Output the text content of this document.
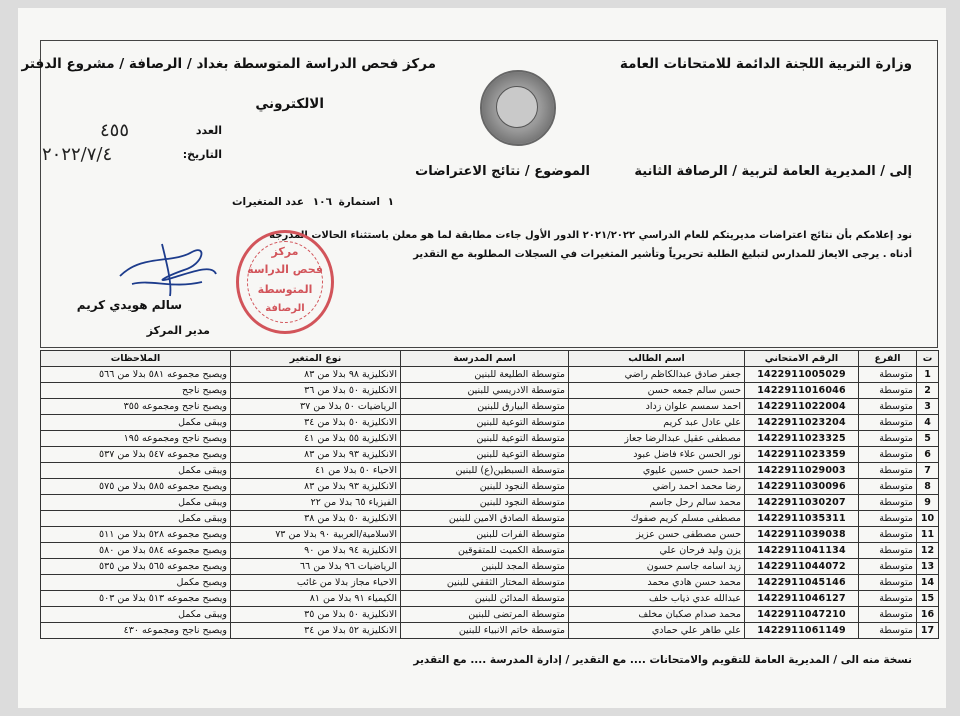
وزارة التربية اللجنة الدائمة للامتحانات العامة
مركز فحص الدراسة المتوسطة بغداد / الرصافة / مشروع الدفتر
الالكتروني
العدد
٤٥٥
التاريخ:
٢٠٢٢/٧/٤
إلى / المديرية العامة لتربية / الرصافة الثانية
الموضوع / نتائج الاعتراضات
عدد المتغيرات ١٠٦ استمارة ١
نود إعلامكم بأن نتائج اعتراضات مديريتكم للعام الدراسي ٢٠٢١/٢٠٢٢ الدور الأول جاءت مطابقة لما هو معلن باستثناء الحالات المدرجة
أدناه . يرجى الايعاز للمدارس لتبليغ الطلبة تحريرياً وتأشير المتغيرات في السجلات المطلوبة مع التقدير
سالم هويدي كريم
مدير المركز
مركز
فحص الدراسة
المتوسطة
الرصافة
ت	الفرع	الرقم الامتحاني	اسم الطالب	اسم المدرسة	نوع المتغير	الملاحظات
1	متوسطة	1422911005029	جعفر صادق عبدالكاظم راضي	متوسطة الطليعة للبنين	الانكليزية ٩٨ بدلا من ٨٣	ويصبح مجموعه ٥٨١ بدلا من ٥٦٦
2	متوسطة	1422911016046	حسن سالم جمعه حسن	متوسطة الادريسي للبنين	الانكليزية ٥٠ بدلا من ٣٦	ويصبح ناجح
3	متوسطة	1422911022004	احمد سمسم علوان زداد	متوسطة البيارق للبنين	الرياضيات ٥٠ بدلا من ٣٧	ويصبح ناجح ومجموعه ٣٥٥
4	متوسطة	1422911023204	علي عادل عبد كريم	متوسطة التوعية للبنين	الانكليزية ٥٠ بدلا من ٣٤	ويبقى مكمل
5	متوسطة	1422911023325	مصطفى عقيل عبدالرضا جعاز	متوسطة التوعية للبنين	الانكليزية ٥٥ بدلا من ٤١	ويصبح ناجح ومجموعه ١٩٥
6	متوسطة	1422911023359	نور الحسن علاء فاضل عبود	متوسطة التوعية للبنين	الانكليزية ٩٣ بدلا من ٨٣	ويصبح مجموعه ٥٤٧ بدلا من ٥٣٧
7	متوسطة	1422911029003	احمد حسن حسين عليوي	متوسطة السبطين(ع) للبنين	الاحياء ٥٠ بدلا من ٤١	ويبقى مكمل
8	متوسطة	1422911030096	رضا محمد احمد راضي	متوسطة النجود للبنين	الانكليزية ٩٣ بدلا من ٨٣	ويصبح مجموعه ٥٨٥ بدلا من ٥٧٥
9	متوسطة	1422911030207	محمد سالم رحل جاسم	متوسطة النجود للبنين	الفيزياء ٦٥ بدلا من ٢٢	ويبقى مكمل
10	متوسطة	1422911035311	مصطفى مسلم كريم صفوك	متوسطة الصادق الامين للبنين	الانكليزية ٥٠ بدلا من ٣٨	ويبقى مكمل
11	متوسطة	1422911039038	حسن مصطفى حسن عزيز	متوسطة الفرات للبنين	الاسلامية/العربية ٩٠ بدلا من ٧٣	ويصبح مجموعه ٥٢٨ بدلا من ٥١١
12	متوسطة	1422911041134	يزن وليد فرحان علي	متوسطة الكميت للمتفوقين	الانكليزية ٩٤ بدلا من ٩٠	ويصبح مجموعه ٥٨٤ بدلا من ٥٨٠
13	متوسطة	1422911044072	زيد اسامه جاسم حسون	متوسطة المجد للبنين	الرياضيات ٩٦ بدلا من ٦٦	ويصبح مجموعه ٥٦٥ بدلا من ٥٣٥
14	متوسطة	1422911045146	محمد حسن هادي محمد	متوسطة المختار الثقفي للبنين	الاحياء مجاز بدلا من غائب	ويصبح مكمل
15	متوسطة	1422911046127	عبدالله عدي ذياب خلف	متوسطة المدائن للبنين	الكيمياء ٩١ بدلا من ٨١	ويصبح مجموعه ٥١٣ بدلا من ٥٠٣
16	متوسطة	1422911047210	محمد صدام صكبان مخلف	متوسطة المرتضى للبنين	الانكليزية ٥٠ بدلا من ٣٥	ويبقى مكمل
17	متوسطة	1422911061149	علي طاهر علي حمادي	متوسطة خاتم الانبياء للبنين	الانكليزية ٥٢ بدلا من ٣٤	ويصبح ناجح ومجموعه ٤٣٠
نسخة منه الى / المديرية العامة للتقويم والامتحانات .... مع التقدير / إدارة المدرسة .... مع التقدير
